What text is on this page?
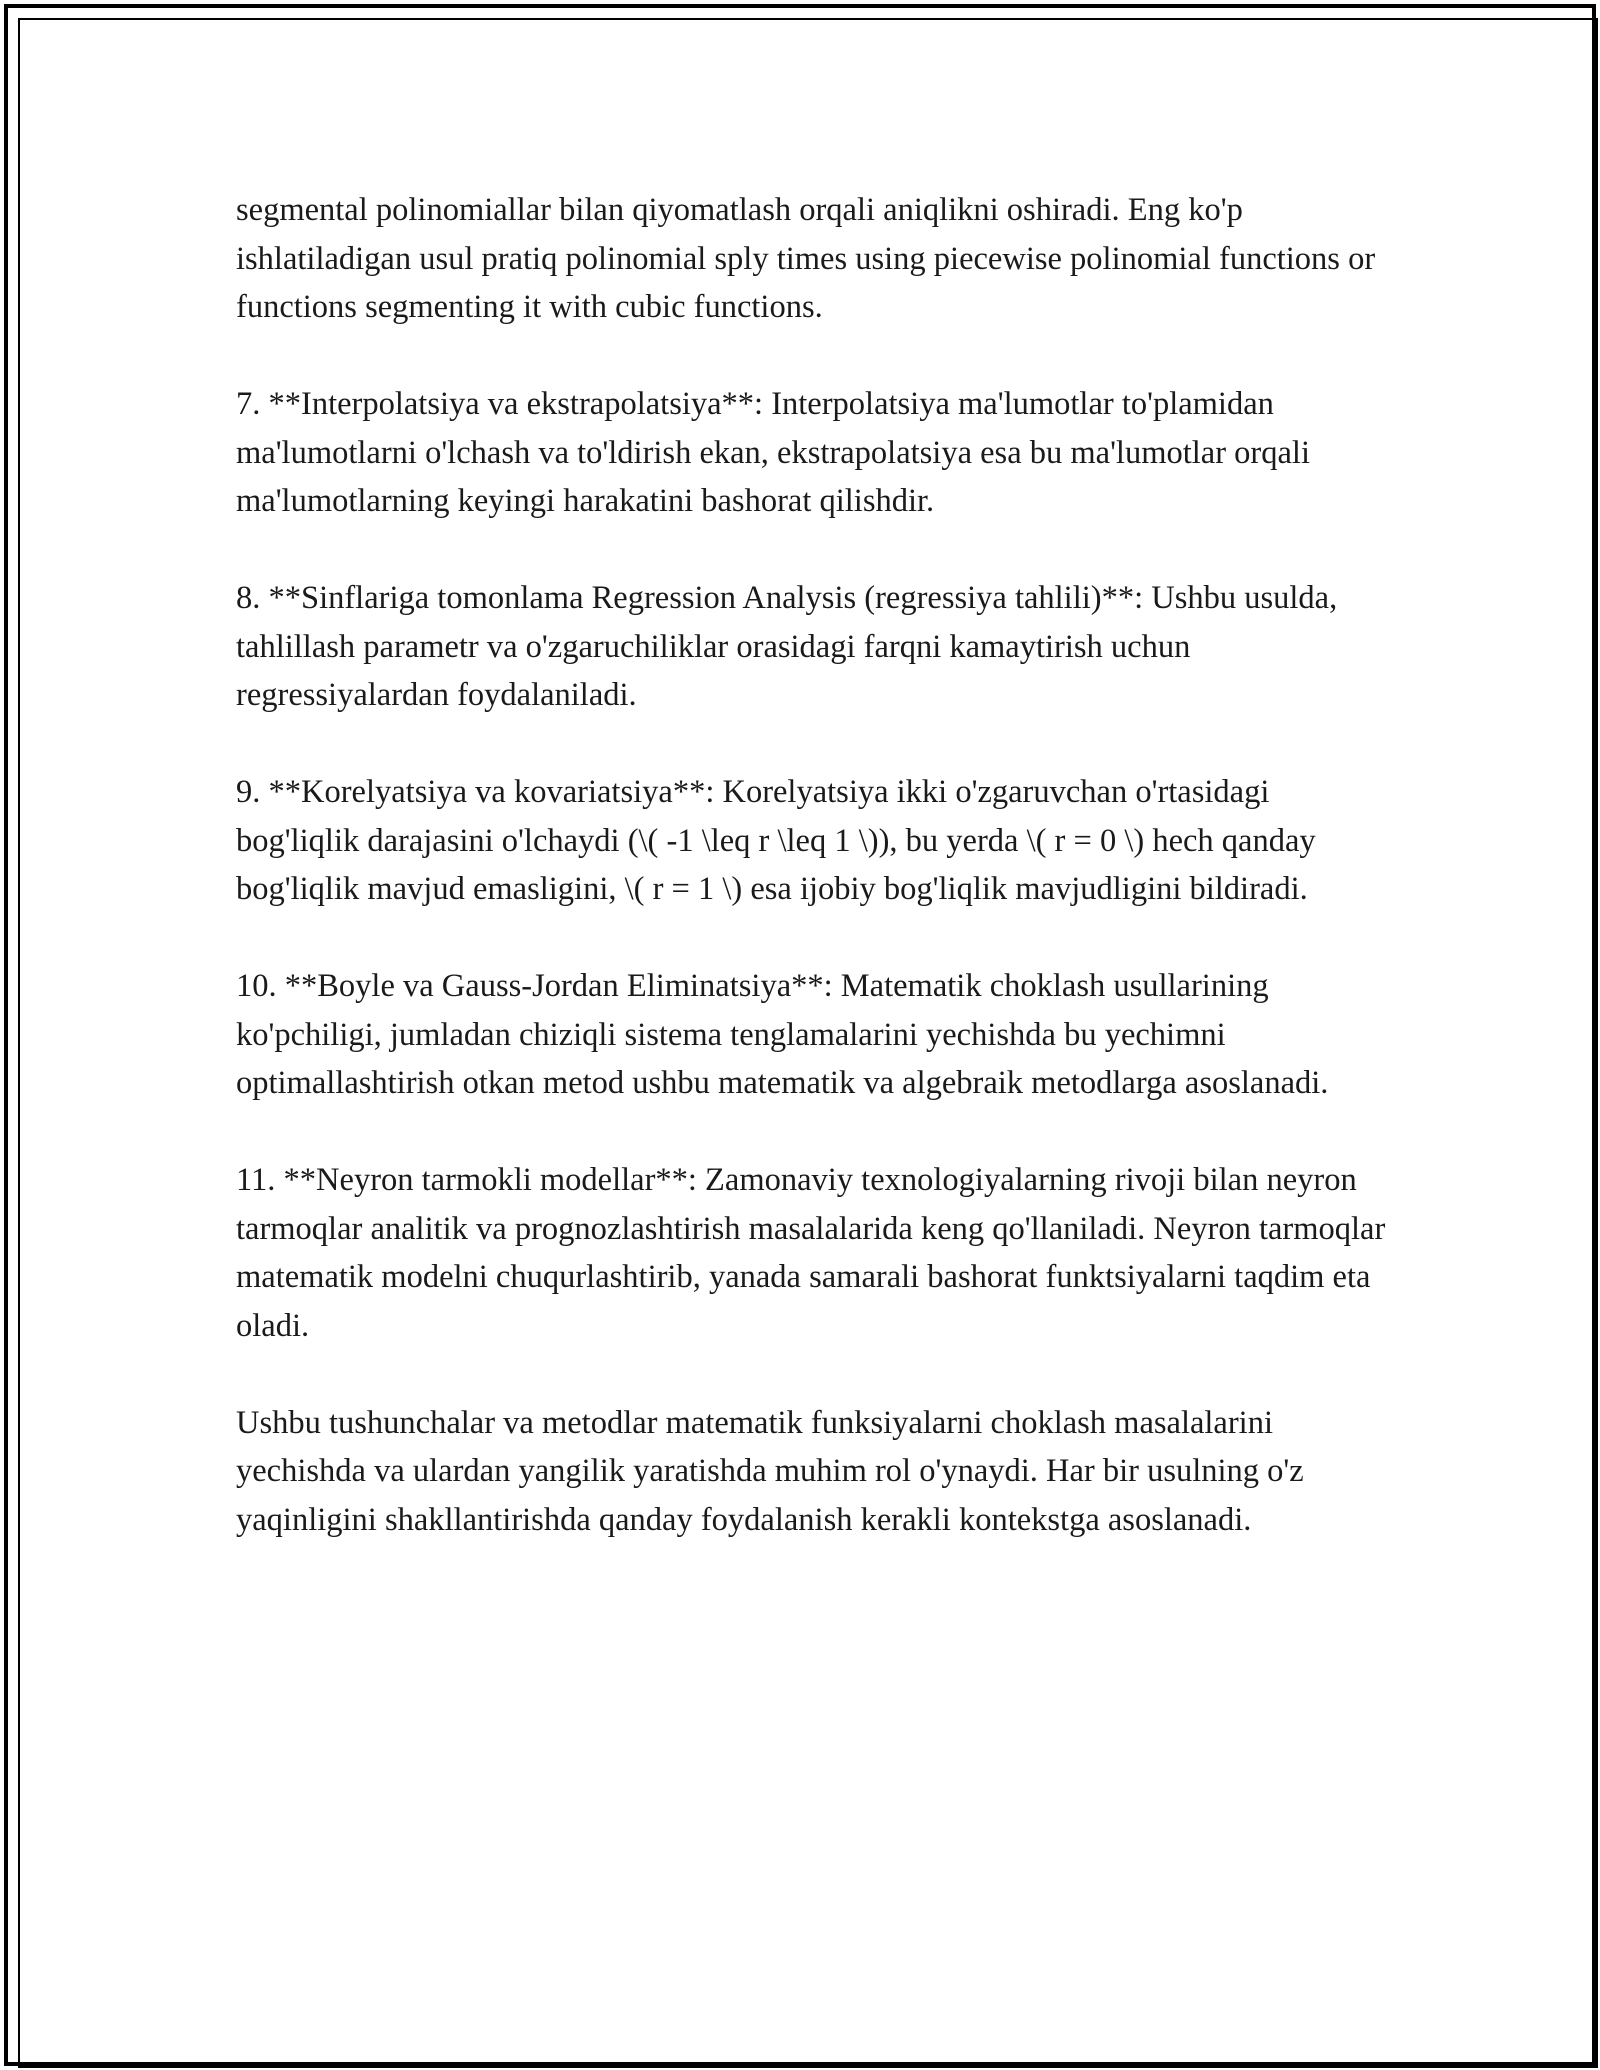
segmental polinomiallar bilan qiyomatlash orqali aniqlikni oshiradi. Eng ko'p ishlatiladigan usul pratiq polinomial sply times using piecewise polinomial functions or functions segmenting it with cubic functions.

7. **Interpolatsiya va ekstrapolatsiya**: Interpolatsiya ma'lumotlar to'plamidan ma'lumotlarni o'lchash va to'ldirish ekan, ekstrapolatsiya esa bu ma'lumotlar orqali ma'lumotlarning keyingi harakatini bashorat qilishdir.

8. **Sinflariga tomonlama Regression Analysis (regressiya tahlili)**: Ushbu usulda, tahlillash parametr va o'zgaruchiliklar orasidagi farqni kamaytirish uchun regressiyalardan foydalaniladi.

9. **Korelyatsiya va kovariatsiya**: Korelyatsiya ikki o'zgaruvchan o'rtasidagi bog'liqlik darajasini o'lchaydi (\( -1 \leq r \leq 1 \)), bu yerda \( r = 0 \) hech qanday bog'liqlik mavjud emasligini, \( r = 1 \) esa ijobiy bog'liqlik mavjudligini bildiradi.

10. **Boyle va Gauss-Jordan Eliminatsiya**: Matematik choklash usullarining ko'pchiligi, jumladan chiziqli sistema tenglamalarini yechishda bu yechimni optimallashtirish otkan metod ushbu matematik va algebraik metodlarga asoslanadi.

11. **Neyron tarmokli modellar**: Zamonaviy texnologiyalarning rivoji bilan neyron tarmoqlar analitik va prognozlashtirish masalalarida keng qo'llaniladi. Neyron tarmoqlar matematik modelni chuqurlashtirib, yanada samarali bashorat funktsiyalarni taqdim eta oladi.

Ushbu tushunchalar va metodlar matematik funksiyalarni choklash masalalarini yechishda va ulardan yangilik yaratishda muhim rol o'ynaydi. Har bir usulning o'z yaqinligini shakllantirishda qanday foydalanish kerakli kontekstga asoslanadi.
